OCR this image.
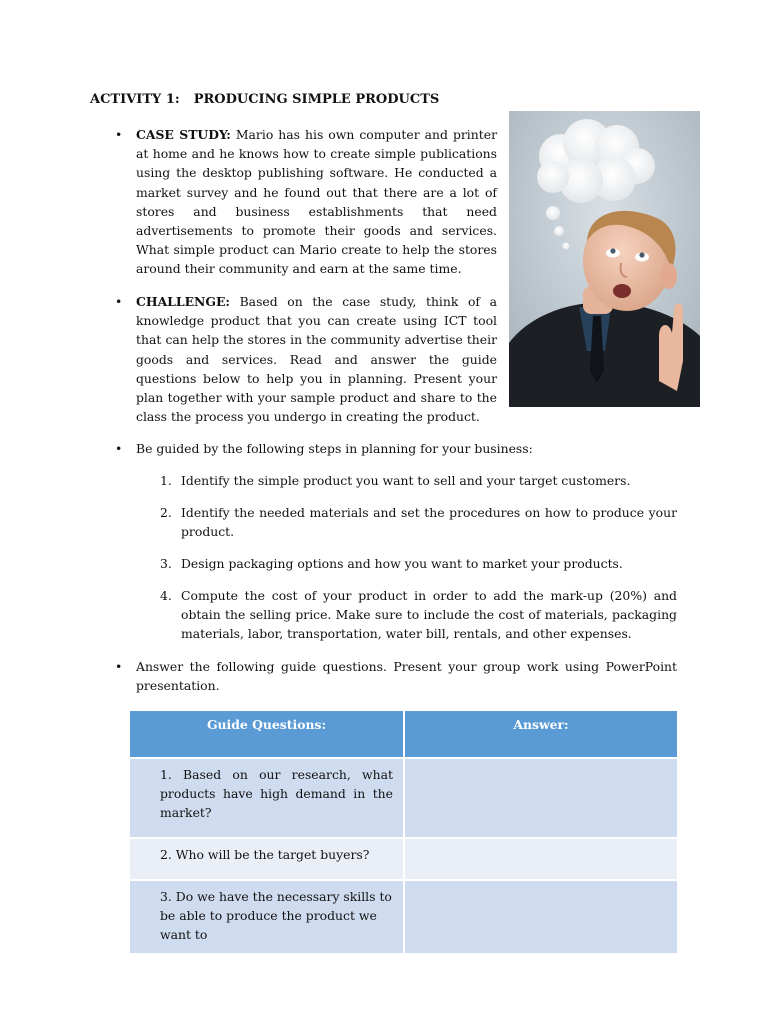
ACTIVITY 1: PRODUCING SIMPLE PRODUCTS
• CASE STUDY: Mario has his own computer and printer at home and he knows how to create simple publications using the desktop publishing software. He conducted a market survey and he found out that there are a lot of stores and business establishments that need advertisements to promote their goods and services. What simple product can Mario create to help the stores around their community and earn at the same time.
• CHALLENGE: Based on the case study, think of a knowledge product that you can create using ICT tool that can help the stores in the community advertise their goods and services. Read and answer the guide questions below to help you in planning. Present your plan together with your sample product and share to the class the process you undergo in creating the product.
• Be guided by the following steps in planning for your business:
1. Identify the simple product you want to sell and your target customers.
2. Identify the needed materials and set the procedures on how to produce your product.
3. Design packaging options and how you want to market your products.
4. Compute the cost of your product in order to add the mark-up (20%) and obtain the selling price. Make sure to include the cost of materials, packaging materials, labor, transportation, water bill, rentals, and other expenses.
• Answer the following guide questions. Present your group work using PowerPoint presentation.
Guide Questions:	Answer:
1. Based on our research, what products have high demand in the market?	
2. Who will be the target buyers?	
3. Do we have the necessary skills to be able to produce the product we want to	
